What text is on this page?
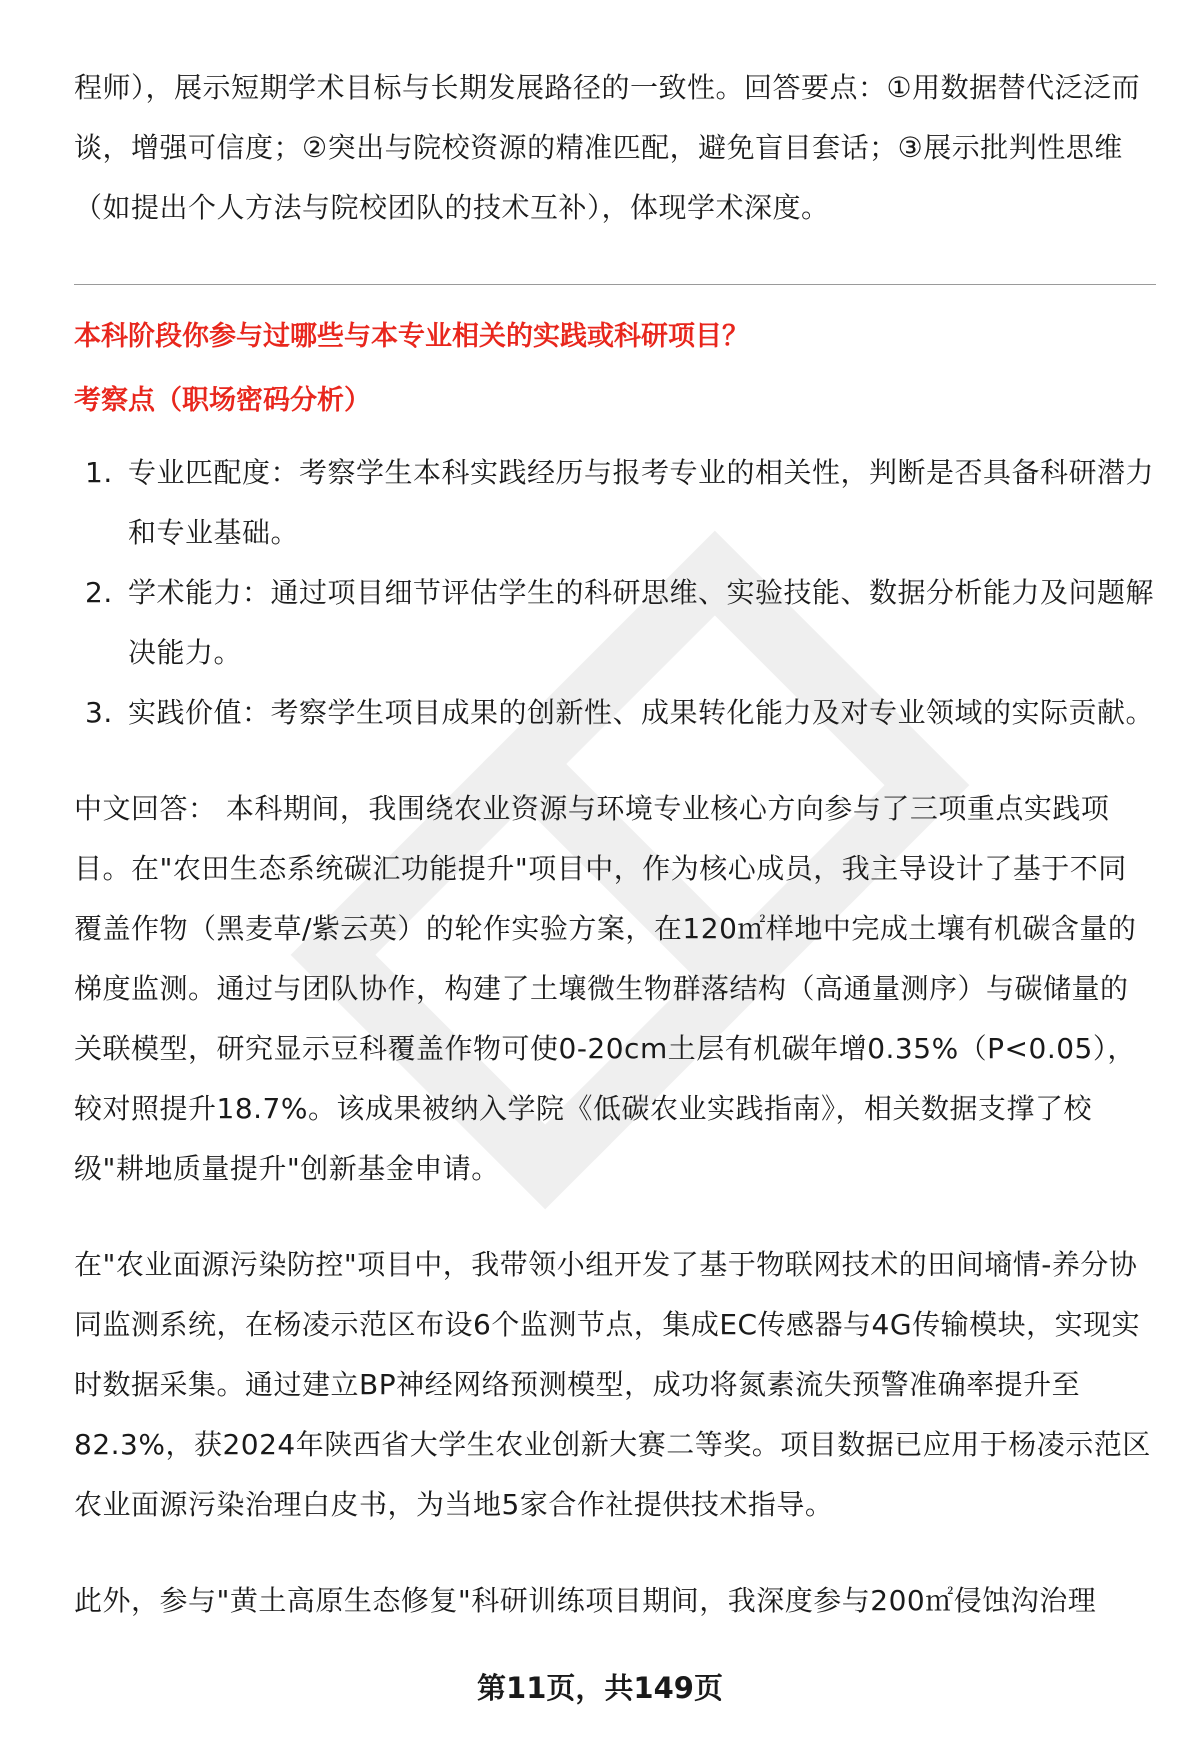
程师），展示短期学术目标与长期发展路径的一致性。回答要点：①用数据替代泛泛而谈，增强可信度；②突出与院校资源的精准匹配，避免盲目套话；③展示批判性思维（如提出个人方法与院校团队的技术互补），体现学术深度。

本科阶段你参与过哪些与本专业相关的实践或科研项目？

考察点（职场密码分析）

1. 专业匹配度：考察学生本科实践经历与报考专业的相关性，判断是否具备科研潜力和专业基础。
2. 学术能力：通过项目细节评估学生的科研思维、实验技能、数据分析能力及问题解决能力。
3. 实践价值：考察学生项目成果的创新性、成果转化能力及对专业领域的实际贡献。

中文回答： 本科期间，我围绕农业资源与环境专业核心方向参与了三项重点实践项目。在"农田生态系统碳汇功能提升"项目中，作为核心成员，我主导设计了基于不同覆盖作物（黑麦草/紫云英）的轮作实验方案，在120㎡样地中完成土壤有机碳含量的梯度监测。通过与团队协作，构建了土壤微生物群落结构（高通量测序）与碳储量的关联模型，研究显示豆科覆盖作物可使0-20cm土层有机碳年增0.35%（P<0.05），较对照提升18.7%。该成果被纳入学院《低碳农业实践指南》，相关数据支撑了校级"耕地质量提升"创新基金申请。

在"农业面源污染防控"项目中，我带领小组开发了基于物联网技术的田间墒情-养分协同监测系统，在杨凌示范区布设6个监测节点，集成EC传感器与4G传输模块，实现实时数据采集。通过建立BP神经网络预测模型，成功将氮素流失预警准确率提升至82.3%，获2024年陕西省大学生农业创新大赛二等奖。项目数据已应用于杨凌示范区农业面源污染治理白皮书，为当地5家合作社提供技术指导。

此外，参与"黄土高原生态修复"科研训练项目期间，我深度参与200㎡侵蚀沟治理

第11页，共149页
